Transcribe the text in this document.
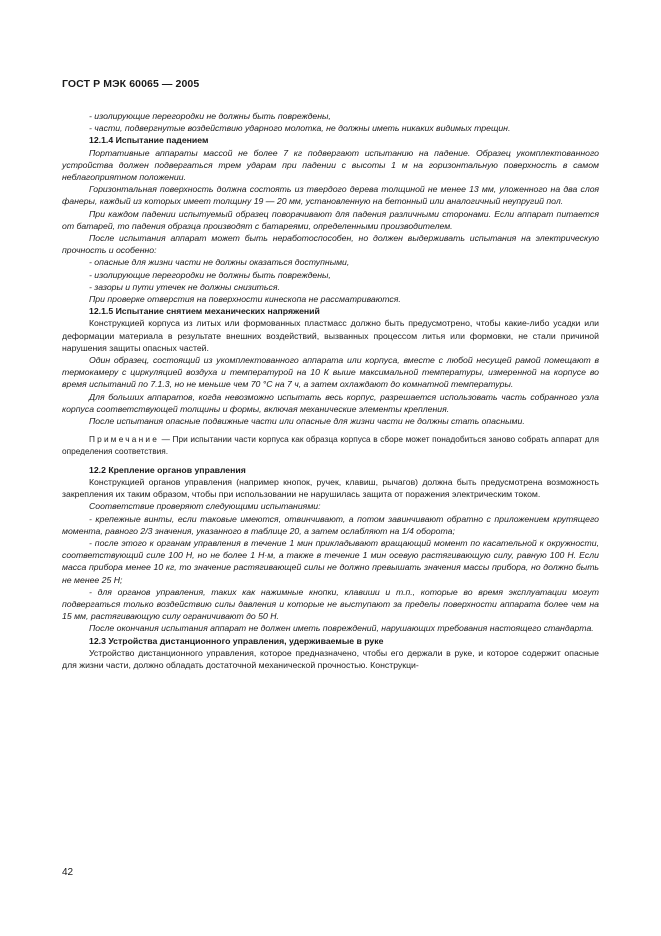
ГОСТ Р МЭК 60065 — 2005

- изолирующие перегородки не должны быть повреждены,

- части, подвергнутые воздействию ударного молотка, не должны иметь никаких видимых трещин.

12.1.4 Испытание падением

Портативные аппараты массой не более 7 кг подвергают испытанию на падение. Образец укомплектованного устройства должен подвергаться трем ударам при падении с высоты 1 м на горизонтальную поверхность в самом неблагоприятном положении.

Горизонтальная поверхность должна состоять из твердого дерева толщиной не менее 13 мм, уложенного на два слоя фанеры, каждый из которых имеет толщину 19 — 20 мм, установленную на бетонный или аналогичный неупругий пол.

При каждом падении испытуемый образец поворачивают для падения различными сторонами. Если аппарат питается от батарей, то падения образца производят с батареями, определенными производителем.

После испытания аппарат может быть неработоспособен, но должен выдерживать испытания на электрическую прочность и особенно:

- опасные для жизни части не должны оказаться доступными,

- изолирующие перегородки не должны быть повреждены,

- зазоры и пути утечек не должны снизиться.

При проверке отверстия на поверхности кинескопа не рассматриваются.

12.1.5 Испытание снятием механических напряжений

Конструкцией корпуса из литых или формованных пластмасс должно быть предусмотрено, чтобы какие-либо усадки или деформации материала в результате внешних воздействий, вызванных процессом литья или формовки, не стали причиной нарушения защиты опасных частей.

Один образец, состоящий из укомплектованного аппарата или корпуса, вместе с любой несущей рамой помещают в термокамеру с циркуляцией воздуха и температурой на 10 К выше максимальной температуры, измеренной на корпусе во время испытаний по 7.1.3, но не меньше чем 70 °С на 7 ч, а затем охлаждают до комнатной температуры.

Для больших аппаратов, когда невозможно испытать весь корпус, разрешается использовать часть собранного узла корпуса соответствующей толщины и формы, включая механические элементы крепления.

После испытания опасные подвижные части или опасные для жизни части не должны стать опасными.

Примечание — При испытании части корпуса как образца корпуса в сборе может понадобиться заново собрать аппарат для определения соответствия.

12.2 Крепление органов управления

Конструкцией органов управления (например кнопок, ручек, клавиш, рычагов) должна быть предусмотрена возможность закрепления их таким образом, чтобы при использовании не нарушилась защита от поражения электрическим током.

Соответствие проверяют следующими испытаниями:

- крепежные винты, если таковые имеются, отвинчивают, а потом завинчивают обратно с приложением крутящего момента, равного 2/3 значения, указанного в таблице 20, а затем ослабляют на 1/4 оборота;

- после этого к органам управления в течение 1 мин прикладывают вращающий момент по касательной к окружности, соответствующий силе 100 Н, но не более 1 Н·м, а также в течение 1 мин осевую растягивающую силу, равную 100 Н. Если масса прибора менее 10 кг, то значение растягивающей силы не должно превышать значения массы прибора, но должно быть не менее 25 Н;

- для органов управления, таких как нажимные кнопки, клавиши и т.п., которые во время эксплуатации могут подвергаться только воздействию силы давления и которые не выступают за пределы поверхности аппарата более чем на 15 мм, растягивающую силу ограничивают до 50 Н.

После окончания испытания аппарат не должен иметь повреждений, нарушающих требования настоящего стандарта.

12.3 Устройства дистанционного управления, удерживаемые в руке

Устройство дистанционного управления, которое предназначено, чтобы его держали в руке, и которое содержит опасные для жизни части, должно обладать достаточной механической прочностью. Конструкци-

42
